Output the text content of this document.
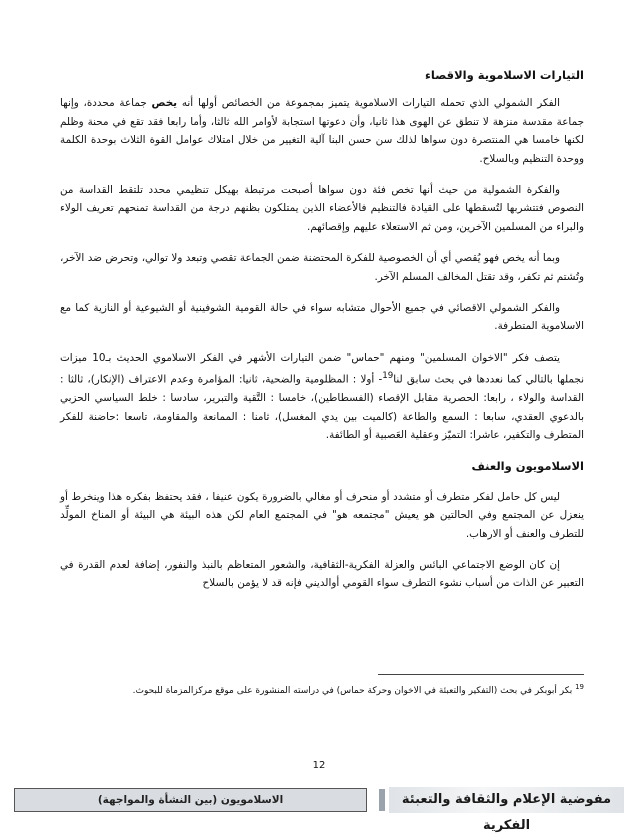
التيارات الاسلاموية والاقصاء

الفكر الشمولي الذي تحمله التيارات الاسلاموية يتميز بمجموعة من الخصائص أولها أنه يخص جماعة محددة، وإنها جماعة مقدسة منزهة لا تنطق عن الهوى هذا ثانيا، وأن دعوتها استجابة لأوامر الله ثالثا، وأما رابعا فقد تقع في محنة وظلم لكنها خامسا هي المنتصرة دون سواها لذلك سن حسن البنا آلية التغيير من خلال امتلاك عوامل القوة الثلاث بوحدة الكلمة ووحدة التنظيم وبالسلاح.

والفكرة الشمولية من حيث أنها تخص فئة دون سواها أصبحت مرتبطة بهيكل تنظيمي محدد تلتقط القداسة من النصوص فتتشربها لتُسقطها على القيادة فالتنظيم فالأعضاء الذين يمتلكون بظنهم درجة من القداسة تمنحهم تعريف الولاء والبراء من المسلمين الآخرين، ومن ثم الاستعلاء عليهم وإقصائهم.

وبما أنه يخص فهو يُقصي أي أن الخصوصية للفكرة المحتضنة ضمن الجماعة تقصي وتبعد ولا توالي، وتحرض ضد الآخر، وتُشتم ثم تكفر، وقد تقتل المخالف المسلم الآخر.

والفكر الشمولي الاقصائي في جميع الأحوال متشابه سواء في حالة القومية الشوفينية أو الشيوعية أو النازية كما مع الاسلاموية المتطرفة.

يتصف فكر "الاخوان المسلمين" ومنهم "حماس" ضمن التيارات الأشهر في الفكر الاسلاموي الحديث بـ10 ميزات نجملها بالتالي كما نعددها في بحث سابق لنا$^{19}$- أولا : المظلومية والضحية، ثانيا: المؤامرة وعدم الاعتراف (الإنكار)، ثالثا : القداسة والولاء ، رابعا: الحصرية مقابل الإقصاء (الفسطاطين)، خامسا : التَّقية والتبرير، سادسا : خلط السياسي الحزبي بالدعوي العقدي، سابعا : السمع والطاعة (كالميت بين يدي المغسل)، ثامنا : الممانعة والمقاومة، تاسعا :حاضنة للفكر المتطرف والتكفير، عاشرا: التميّز وعقلية العَصبية أو الطائفة.

الاسلامويون والعنف

ليس كل حامل لفكر متطرف أو متشدد أو منحرف أو مغالي بالضرورة يكون عنيفا ، فقد يحتفظ بفكره هذا وينخرط أو ينعزل عن المجتمع وفي الحالتين هو يعيش "مجتمعه هو" في المجتمع العام لكن هذه البيئة هي البيئة أو المناخ المولِّد للتطرف والعنف أو الارهاب.

إن كان الوضع الاجتماعي البائس والعزلة الفكرية-الثقافية، والشعور المتعاظم بالنبذ والنفور، إضافة لعدم القدرة في التعبير عن الذات من أسباب نشوء التطرف سواء القومي أوالديني فإنه قد لا يؤمن بالسلاح

$^{19}$ بكر أبوبكر في بحث (التفكير والتعبئة في الاخوان وحركة حماس) في دراسته المنشورة على موقع مركزالمزماة للبحوث.
12
مفوضية الإعلام والثقافة والتعبئة الفكرية
الاسلامويون (بين النشأة والمواجهة)
